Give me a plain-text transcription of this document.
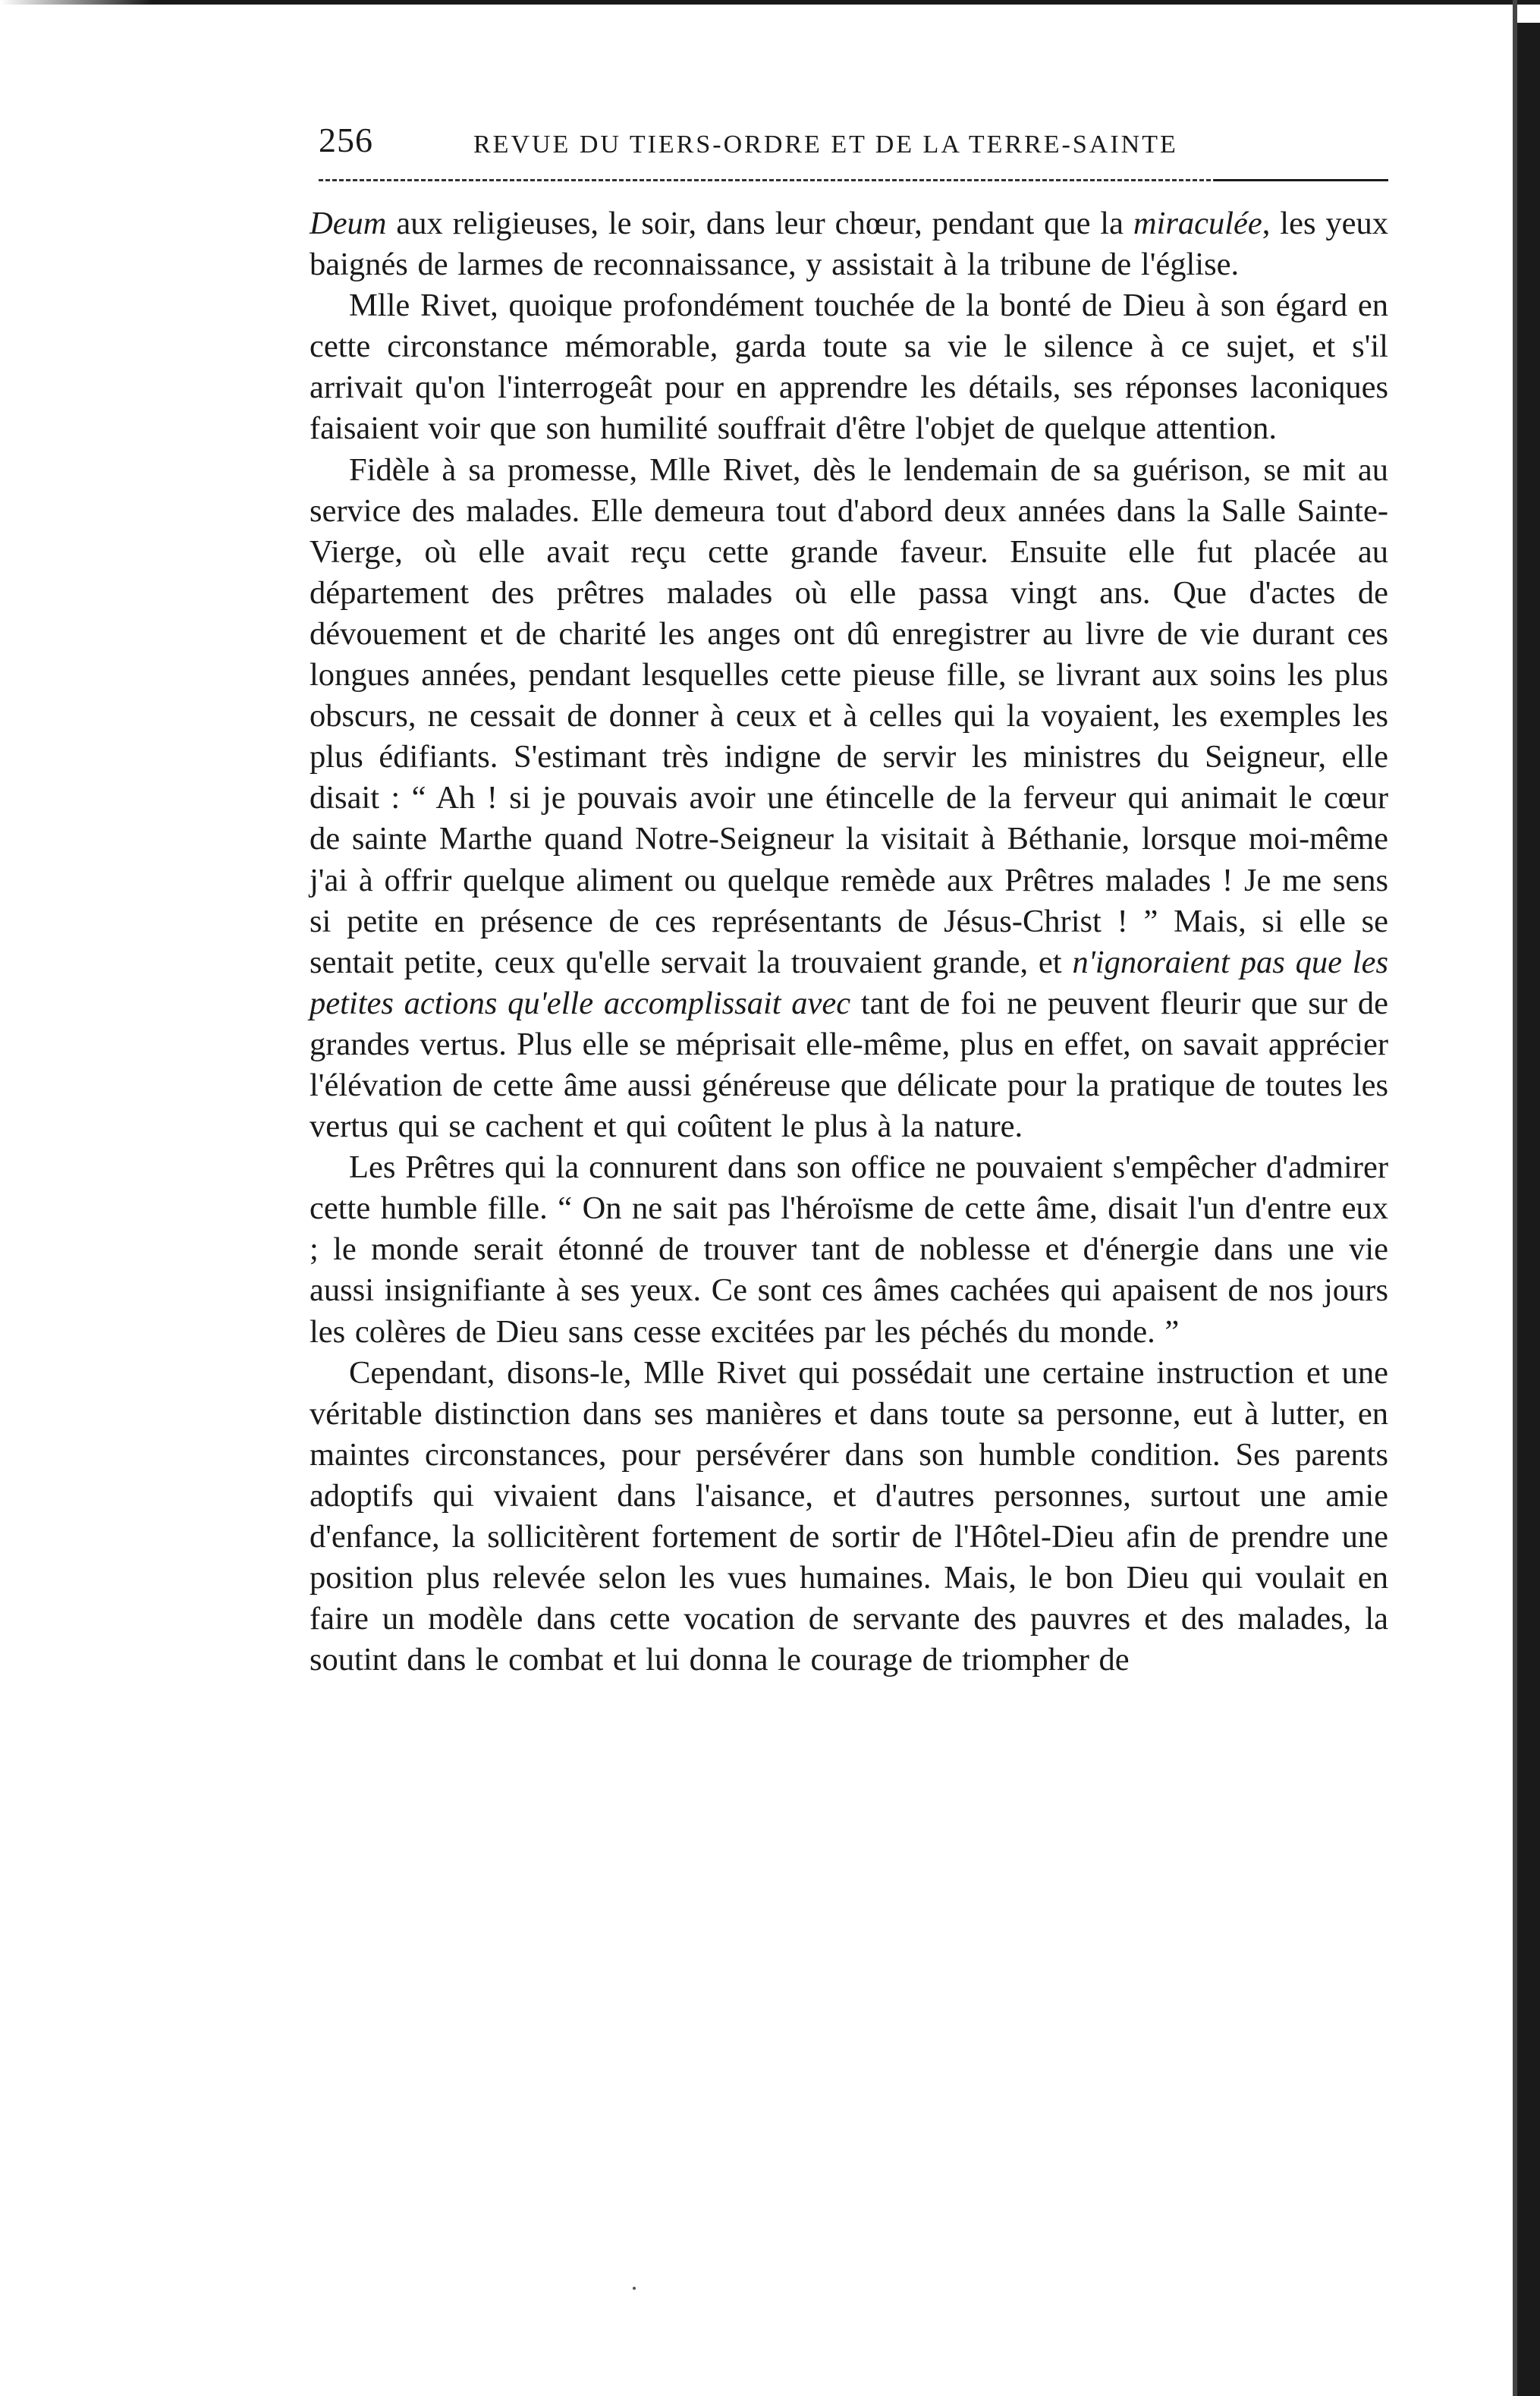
256	REVUE DU TIERS-ORDRE ET DE LA TERRE-SAINTE

Deum aux religieuses, le soir, dans leur chœur, pendant que la miraculée, les yeux baignés de larmes de reconnaissance, y assistait à la tribune de l'église.

Mlle Rivet, quoique profondément touchée de la bonté de Dieu à son égard en cette circonstance mémorable, garda toute sa vie le silence à ce sujet, et s'il arrivait qu'on l'interrogeât pour en apprendre les détails, ses réponses laconiques faisaient voir que son humilité souffrait d'être l'objet de quelque attention.

Fidèle à sa promesse, Mlle Rivet, dès le lendemain de sa guérison, se mit au service des malades. Elle demeura tout d'abord deux années dans la Salle Sainte-Vierge, où elle avait reçu cette grande faveur. Ensuite elle fut placée au département des prêtres malades où elle passa vingt ans. Que d'actes de dévouement et de charité les anges ont dû enregistrer au livre de vie durant ces longues années, pendant lesquelles cette pieuse fille, se livrant aux soins les plus obscurs, ne cessait de donner à ceux et à celles qui la voyaient, les exemples les plus édifiants. S'estimant très indigne de servir les ministres du Seigneur, elle disait : “ Ah ! si je pouvais avoir une étincelle de la ferveur qui animait le cœur de sainte Marthe quand Notre-Seigneur la visitait à Béthanie, lorsque moi-même j'ai à offrir quelque aliment ou quelque remède aux Prêtres malades ! Je me sens si petite en présence de ces représentants de Jésus-Christ ! ” Mais, si elle se sentait petite, ceux qu'elle servait la trouvaient grande, et n'ignoraient pas que les petites actions qu'elle accomplissait avec tant de foi ne peuvent fleurir que sur de grandes vertus. Plus elle se méprisait elle-même, plus en effet, on savait apprécier l'élévation de cette âme aussi généreuse que délicate pour la pratique de toutes les vertus qui se cachent et qui coûtent le plus à la nature.

Les Prêtres qui la connurent dans son office ne pouvaient s'empêcher d'admirer cette humble fille. “ On ne sait pas l'héroïsme de cette âme, disait l'un d'entre eux ; le monde serait étonné de trouver tant de noblesse et d'énergie dans une vie aussi insignifiante à ses yeux. Ce sont ces âmes cachées qui apaisent de nos jours les colères de Dieu sans cesse excitées par les péchés du monde. ”

Cependant, disons-le, Mlle Rivet qui possédait une certaine instruction et une véritable distinction dans ses manières et dans toute sa personne, eut à lutter, en maintes circonstances, pour persévérer dans son humble condition. Ses parents adoptifs qui vivaient dans l'aisance, et d'autres personnes, surtout une amie d'enfance, la sollicitèrent fortement de sortir de l'Hôtel-Dieu afin de prendre une position plus relevée selon les vues humaines. Mais, le bon Dieu qui voulait en faire un modèle dans cette vocation de servante des pauvres et des malades, la soutint dans le combat et lui donna le courage de triompher de
